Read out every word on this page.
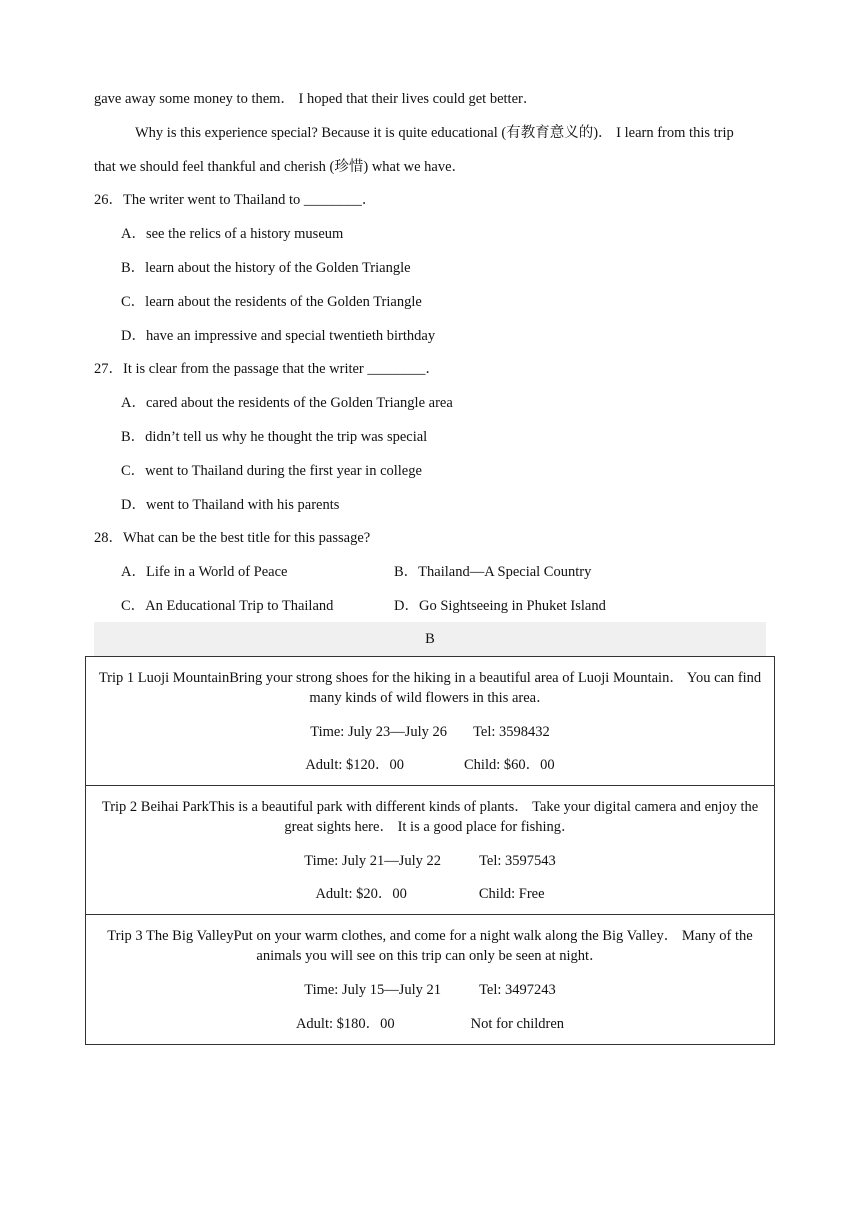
gave away some money to them． I hoped that their lives could get better．
Why is this experience special? Because it is quite educational (有教育意义的)． I learn from this trip
that we should feel thankful and cherish (珍惜) what we have．
26．The writer went to Thailand to ________．
A．see the relics of a history museum
B．learn about the history of the Golden Triangle
C．learn about the residents of the Golden Triangle
D．have an impressive and special twentieth birthday
27．It is clear from the passage that the writer ________．
A．cared about the residents of the Golden Triangle area
B．didn’t tell us why he thought the trip was special
C．went to Thailand during the first year in college
D．went to Thailand with his parents
28．What can be the best title for this passage?
A．Life in a World of Peace	B．Thailand—A Special Country
C．An Educational Trip to Thailand	D．Go Sightseeing in Phuket Island
B
Trip 1 Luoji MountainBring your strong shoes for the hiking in a beautiful area of Luoji Mountain． You can find many kinds of wild flowers in this area．
Time: July 23—July 26 Tel: 3598432
Adult: $120．00	Child: $60．00
Trip 2 Beihai ParkThis is a beautiful park with different kinds of plants． Take your digital camera and enjoy the great sights here． It is a good place for fishing．
Time: July 21—July 22	Tel: 3597543
Adult: $20．00	Child: Free
Trip 3 The Big ValleyPut on your warm clothes, and come for a night walk along the Big Valley． Many of the animals you will see on this trip can only be seen at night．
Time: July 15—July 21	Tel: 3497243
Adult: $180．00	Not for children
